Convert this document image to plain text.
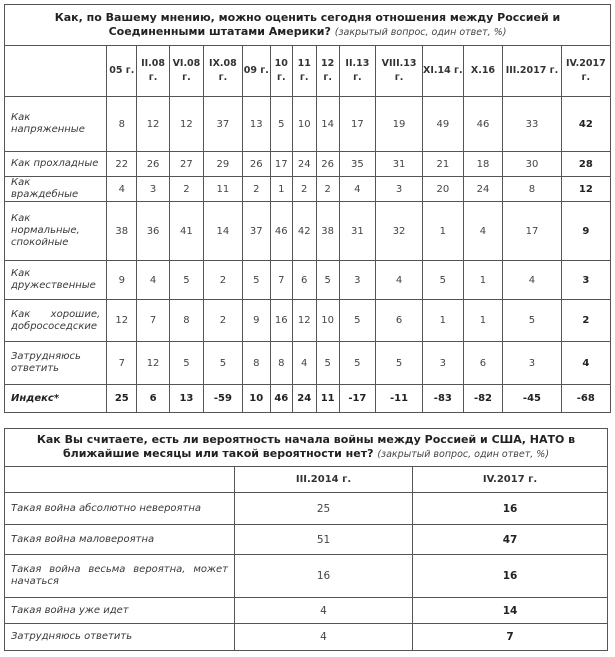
Как, по Вашему мнению, можно оценить сегодня отношения между Россией и Соединенными штатами Америки? (закрытый вопрос, один ответ, %)														
	05 г.	II.08 г.	VI.08 г.	IX.08 г.	09 г.	10 г.	11 г.	12 г.	II.13 г.	VIII.13 г.	XI.14 г.	X.16	III.2017 г.	IV.2017 г.
Как напряженные	8	12	12	37	13	5	10	14	17	19	49	46	33	42
Как прохладные	22	26	27	29	26	17	24	26	35	31	21	18	30	28
Как враждебные	4	3	2	11	2	1	2	2	4	3	20	24	8	12
Как нормальные, спокойные	38	36	41	14	37	46	42	38	31	32	1	4	17	9
Как дружественные	9	4	5	2	5	7	6	5	3	4	5	1	4	3
Как хорошие, добрососедские	12	7	8	2	9	16	12	10	5	6	1	1	5	2
Затрудняюсь ответить	7	12	5	5	8	8	4	5	5	5	3	6	3	4
Индекс*	25	6	13	-59	10	46	24	11	-17	-11	-83	-82	-45	-68
Как Вы считаете, есть ли вероятность начала войны между Россией и США, НАТО в ближайшие месяцы или такой вероятности нет? (закрытый вопрос, один ответ, %)		
	III.2014 г.	IV.2017 г.
Такая война абсолютно невероятна	25	16
Такая война маловероятна	51	47
Такая война весьма вероятна, может начаться	16	16
Такая война уже идет	4	14
Затрудняюсь ответить	4	7
